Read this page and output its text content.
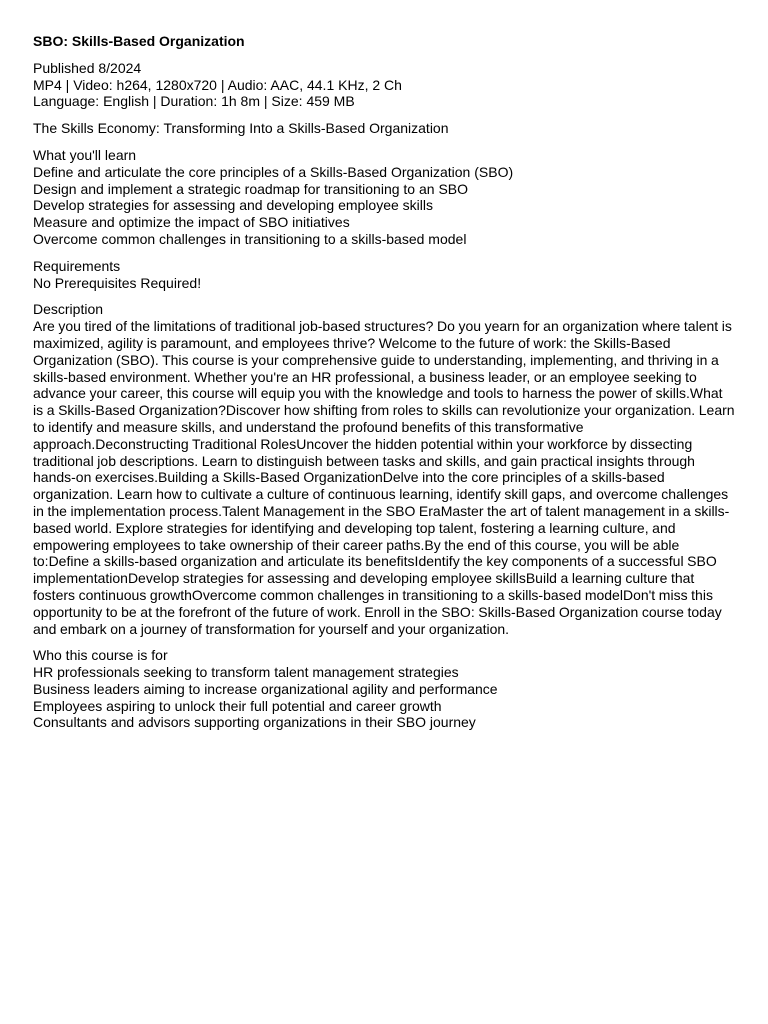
SBO: Skills-Based Organization
Published 8/2024
MP4 | Video: h264, 1280x720 | Audio: AAC, 44.1 KHz, 2 Ch
Language: English | Duration: 1h 8m | Size: 459 MB
The Skills Economy: Transforming Into a Skills-Based Organization
What you'll learn
Define and articulate the core principles of a Skills-Based Organization (SBO)
Design and implement a strategic roadmap for transitioning to an SBO
Develop strategies for assessing and developing employee skills
Measure and optimize the impact of SBO initiatives
Overcome common challenges in transitioning to a skills-based model
Requirements
No Prerequisites Required!
Description

Are you tired of the limitations of traditional job-based structures? Do you yearn for an organization where talent is maximized, agility is paramount, and employees thrive? Welcome to the future of work: the Skills-Based Organization (SBO). This course is your comprehensive guide to understanding, implementing, and thriving in a skills-based environment. Whether you're an HR professional, a business leader, or an employee seeking to advance your career, this course will equip you with the knowledge and tools to harness the power of skills.What is a Skills-Based Organization?Discover how shifting from roles to skills can revolutionize your organization. Learn to identify and measure skills, and understand the profound benefits of this transformative approach.Deconstructing Traditional RolesUncover the hidden potential within your workforce by dissecting traditional job descriptions. Learn to distinguish between tasks and skills, and gain practical insights through hands-on exercises.Building a Skills-Based OrganizationDelve into the core principles of a skills-based organization. Learn how to cultivate a culture of continuous learning, identify skill gaps, and overcome challenges in the implementation process.Talent Management in the SBO EraMaster the art of talent management in a skills-based world. Explore strategies for identifying and developing top talent, fostering a learning culture, and empowering employees to take ownership of their career paths.By the end of this course, you will be able to:Define a skills-based organization and articulate its benefitsIdentify the key components of a successful SBO implementationDevelop strategies for assessing and developing employee skillsBuild a learning culture that fosters continuous growthOvercome common challenges in transitioning to a skills-based modelDon't miss this opportunity to be at the forefront of the future of work. Enroll in the SBO: Skills-Based Organization course today and embark on a journey of transformation for yourself and your organization.

Who this course is for
HR professionals seeking to transform talent management strategies
Business leaders aiming to increase organizational agility and performance
Employees aspiring to unlock their full potential and career growth
Consultants and advisors supporting organizations in their SBO journey
